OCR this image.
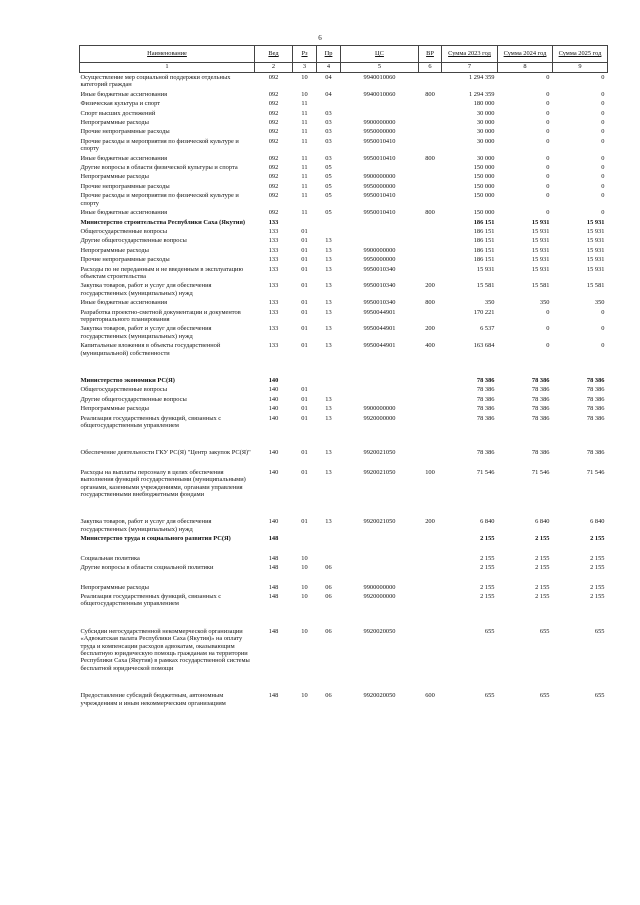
6
Наименование	Вед	Рз	Пр	ЦС	ВР	Сумма 2023 год	Сумма 2024 год	Сумма 2025 год
1	2	3	4	5	6	7	8	9
Осуществление мер социальной поддержки отдельных категорий граждан	092	10	04	9940010060		1 294 359	0	0
Иные бюджетные ассигнования	092	10	04	9940010060	800	1 294 359	0	0
Физическая культура и спорт	092	11				180 000	0	0
Спорт высших достижений	092	11	03			30 000	0	0
Непрограммные расходы	092	11	03	9900000000		30 000	0	0
Прочие непрограммные расходы	092	11	03	9950000000		30 000	0	0
Прочие расходы и мероприятия по физической культуре и спорту	092	11	03	9950010410		30 000	0	0
Иные бюджетные ассигнования	092	11	03	9950010410	800	30 000	0	0
Другие вопросы в области физической культуры и спорта	092	11	05			150 000	0	0
Непрограммные расходы	092	11	05	9900000000		150 000	0	0
Прочие непрограммные расходы	092	11	05	9950000000		150 000	0	0
Прочие расходы и мероприятия по физической культуре и спорту	092	11	05	9950010410		150 000	0	0
Иные бюджетные ассигнования	092	11	05	9950010410	800	150 000	0	0
Министерство строительства Республики Саха (Якутия)	133					186 151	15 931	15 931
Общегосударственные вопросы	133	01				186 151	15 931	15 931
Другие общегосударственные вопросы	133	01	13			186 151	15 931	15 931
Непрограммные расходы	133	01	13	9900000000		186 151	15 931	15 931
Прочие непрограммные расходы	133	01	13	9950000000		186 151	15 931	15 931
Расходы по не переданным и не введенным в эксплуатацию объектам строительства	133	01	13	9950010340		15 931	15 931	15 931
Закупка товаров, работ и услуг для обеспечения государственных (муниципальных) нужд	133	01	13	9950010340	200	15 581	15 581	15 581
Иные бюджетные ассигнования	133	01	13	9950010340	800	350	350	350
Разработка проектно-сметной документации и документов территориального планирования	133	01	13	9950044901		170 221	0	0
Закупка товаров, работ и услуг для обеспечения государственных (муниципальных) нужд	133	01	13	9950044901	200	6 537	0	0
Капитальные вложения в объекты государственной (муниципальной) собственности	133	01	13	9950044901	400	163 684	0	0

Министерство экономики РС(Я)	140					78 386	78 386	78 386
Общегосударственные вопросы	140	01				78 386	78 386	78 386
Другие общегосударственные вопросы	140	01	13			78 386	78 386	78 386
Непрограммные расходы	140	01	13	9900000000		78 386	78 386	78 386
Реализация государственных функций, связанных с общегосударственным управлением	140	01	13	9920000000		78 386	78 386	78 386

Обеспечение деятельности ГКУ РС(Я) "Центр закупок РС(Я)"	140	01	13	9920021050		78 386	78 386	78 386

Расходы на выплаты персоналу в целях обеспечения выполнения функций государственными (муниципальными) органами, казенными учреждениями, органами управления государственными внебюджетными фондами	140	01	13	9920021050	100	71 546	71 546	71 546

Закупка товаров, работ и услуг для обеспечения государственных (муниципальных) нужд	140	01	13	9920021050	200	6 840	6 840	6 840
Министерство труда и социального развития РС(Я)	148					2 155	2 155	2 155

Социальная политика	148	10				2 155	2 155	2 155
Другие вопросы в области социальной политики	148	10	06			2 155	2 155	2 155

Непрограммные расходы	148	10	06	9900000000		2 155	2 155	2 155
Реализация государственных функций, связанных с общегосударственным управлением	148	10	06	9920000000		2 155	2 155	2 155

Субсидии негосударственной некоммерческой организации «Адвокатская палата Республики Саха (Якутия)» на оплату труда и компенсации расходов адвокатам, оказывающим бесплатную юридическую помощь гражданам на территории Республики Саха (Якутия) в рамках государственной системы бесплатной юридической помощи	148	10	06	9920020050		655	655	655

Предоставление субсидий бюджетным, автономным учреждениям и иным некоммерческим организациям	148	10	06	9920020050	600	655	655	655
